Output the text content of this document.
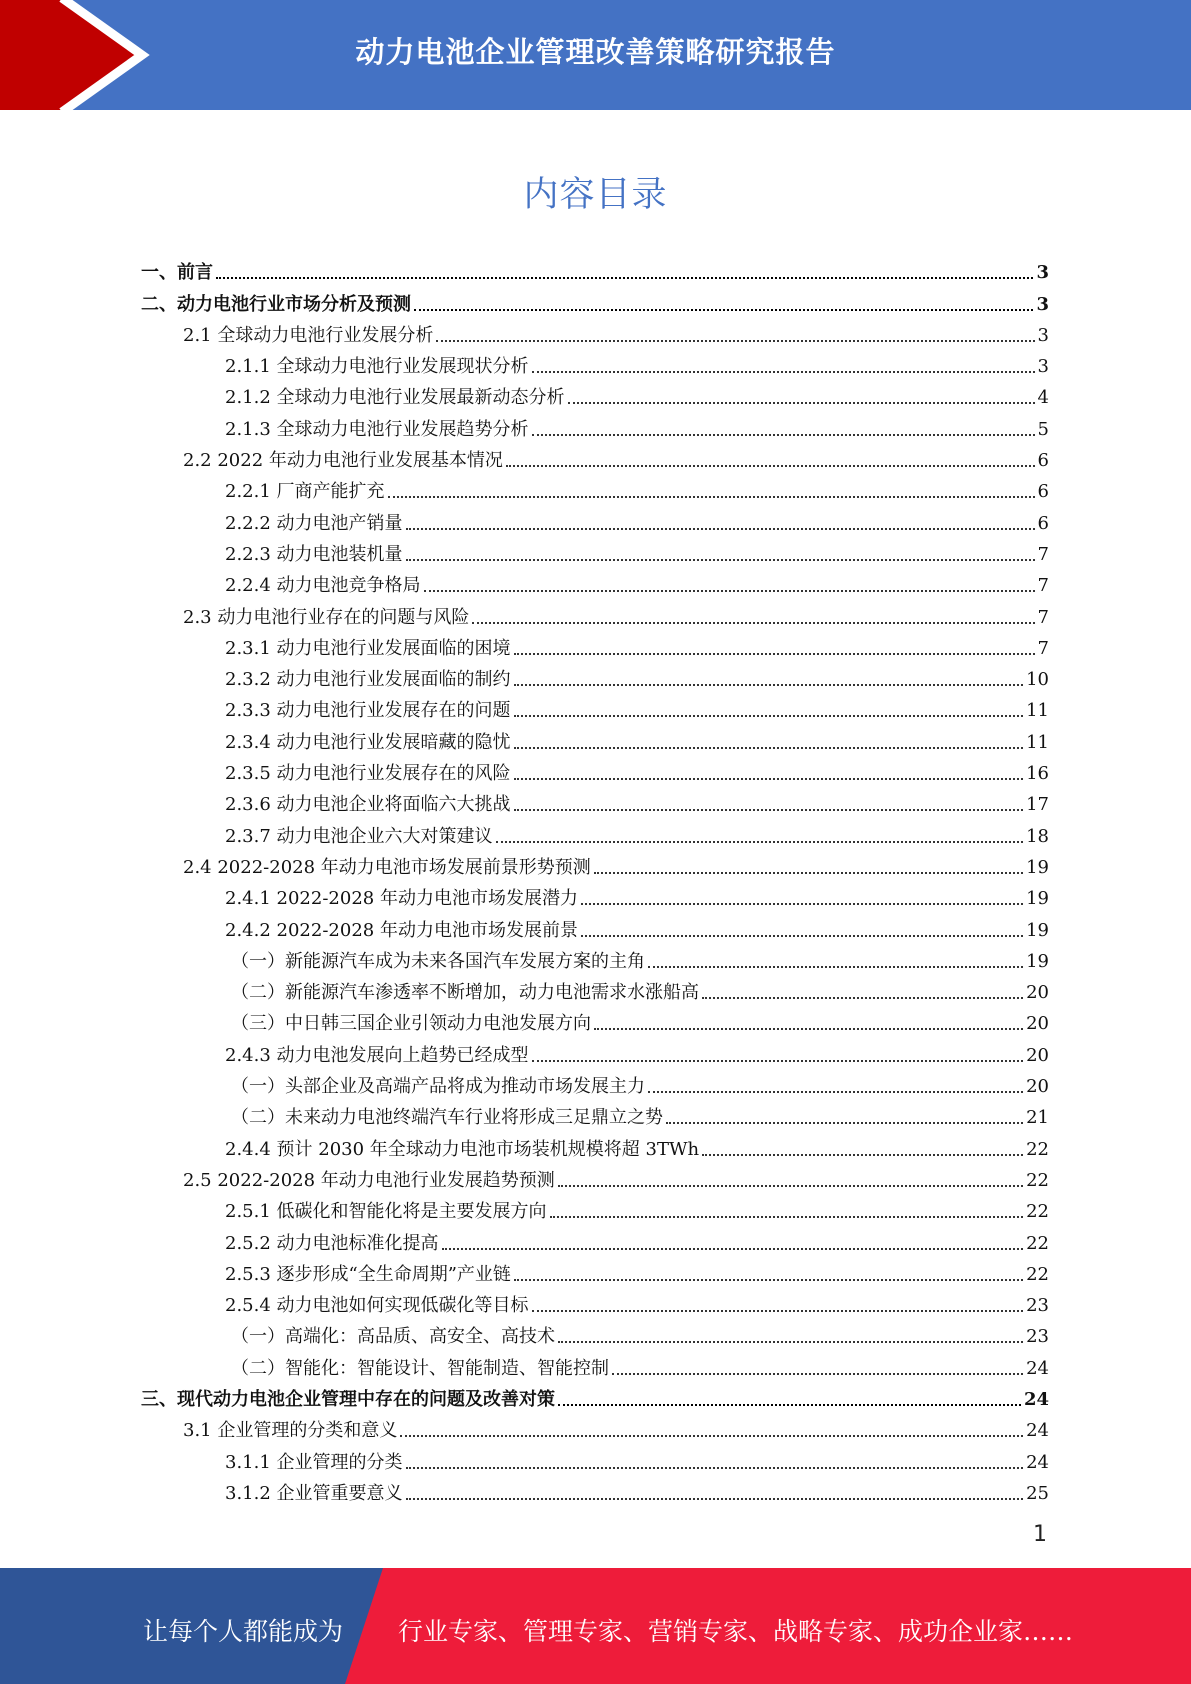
动力电池企业管理改善策略研究报告
内容目录
一、前言	3
二、动力电池行业市场分析及预测	3
2.1 全球动力电池行业发展分析	3
2.1.1 全球动力电池行业发展现状分析	3
2.1.2 全球动力电池行业发展最新动态分析	4
2.1.3 全球动力电池行业发展趋势分析	5
2.2 2022 年动力电池行业发展基本情况	6
2.2.1 厂商产能扩充	6
2.2.2 动力电池产销量	6
2.2.3 动力电池装机量	7
2.2.4 动力电池竞争格局	7
2.3 动力电池行业存在的问题与风险	7
2.3.1 动力电池行业发展面临的困境	7
2.3.2 动力电池行业发展面临的制约	10
2.3.3 动力电池行业发展存在的问题	11
2.3.4 动力电池行业发展暗藏的隐忧	11
2.3.5 动力电池行业发展存在的风险	16
2.3.6 动力电池企业将面临六大挑战	17
2.3.7 动力电池企业六大对策建议	18
2.4 2022-2028 年动力电池市场发展前景形势预测	19
2.4.1 2022-2028 年动力电池市场发展潜力	19
2.4.2 2022-2028 年动力电池市场发展前景	19
（一）新能源汽车成为未来各国汽车发展方案的主角	19
（二）新能源汽车渗透率不断增加，动力电池需求水涨船高	20
（三）中日韩三国企业引领动力电池发展方向	20
2.4.3 动力电池发展向上趋势已经成型	20
（一）头部企业及高端产品将成为推动市场发展主力	20
（二）未来动力电池终端汽车行业将形成三足鼎立之势	21
2.4.4 预计 2030 年全球动力电池市场装机规模将超 3TWh	22
2.5 2022-2028 年动力电池行业发展趋势预测	22
2.5.1 低碳化和智能化将是主要发展方向	22
2.5.2 动力电池标准化提高	22
2.5.3 逐步形成“全生命周期”产业链	22
2.5.4 动力电池如何实现低碳化等目标	23
（一）高端化：高品质、高安全、高技术	23
（二）智能化：智能设计、智能制造、智能控制	24
三、现代动力电池企业管理中存在的问题及改善对策	24
3.1 企业管理的分类和意义	24
3.1.1 企业管理的分类	24
3.1.2 企业管重要意义	25
1
让每个人都能成为 行业专家、管理专家、营销专家、战略专家、成功企业家……
